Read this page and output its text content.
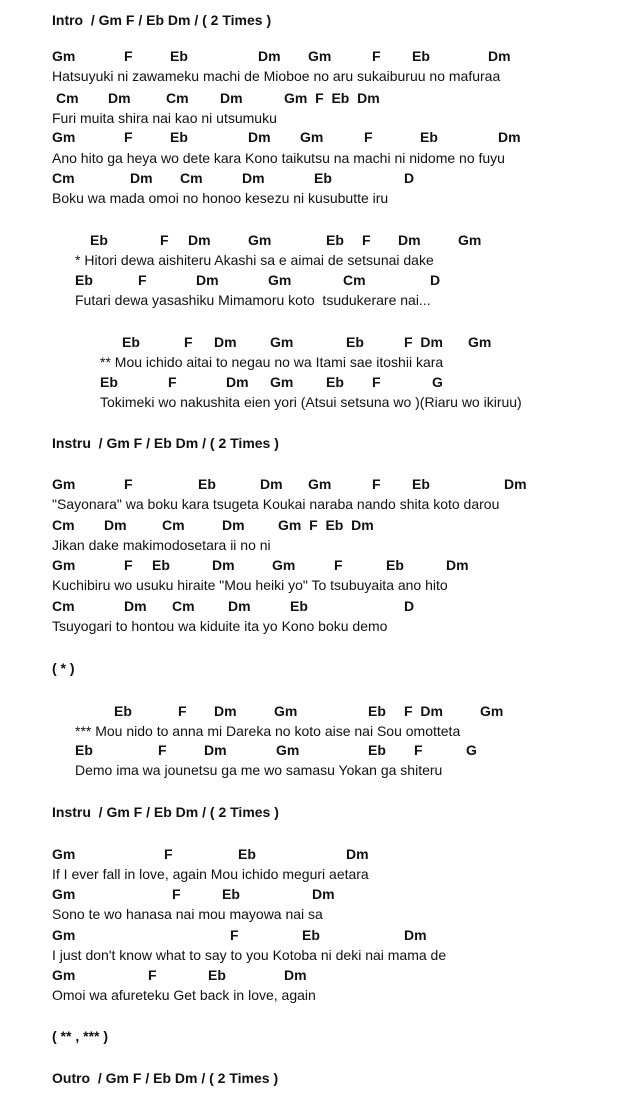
Intro  / Gm F / Eb Dm / ( 2 Times )
Gm	F	Eb	Dm Gm	F Eb	Dm
Hatsuyuki ni zawameku machi de Mioboe no aru sukaiburuu no mafuraa
Cm Dm	Cm Dm	Gm  F  Eb  Dm
Furi muita shira nai kao ni utsumuku
Gm	F	Eb	Dm Gm	F	Eb	Dm
Ano hito ga heya wo dete kara Kono taikutsu na machi ni nidome no fuyu
Cm	Dm Cm	Dm	Eb	D
Boku wa mada omoi no honoo kesezu ni kusubutte iru
Eb	F Dm	Gm	Eb F Dm	Gm
* Hitori dewa aishiteru Akashi sa e aimai de setsunai dake
Eb	F	Dm	Gm	Cm	D
Futari dewa yasashiku Mimamoru koto  tsudukerare nai...
Eb	F Dm Gm	Eb	F  Dm Gm
** Mou ichido aitai to negau no wa Itami sae itoshii kara
Eb	F	Dm Gm Eb F	G
Tokimeki wo nakushita eien yori (Atsui setsuna wo )(Riaru wo ikiruu)
Instru  / Gm F / Eb Dm / ( 2 Times )
Gm	F	Eb	Dm Gm	F Eb	Dm
"Sayonara" wa boku kara tsugeta Koukai naraba nando shita koto darou
Cm Dm	Cm	Dm Gm  F  Eb  Dm
Jikan dake makimodosetara ii no ni
Gm	F Eb	Dm	Gm	F	Eb	Dm
Kuchibiru wo usuku hiraite "Mou heiki yo" To tsubuyaita ano hito
Cm	Dm Cm Dm	Eb	D
Tsuyogari to hontou wa kiduite ita yo Kono boku demo
( * )
Eb	F Dm	Gm	Eb F  Dm	Gm
*** Mou nido to anna mi Dareka no koto aise nai Sou omotteta
Eb	F	Dm	Gm	Eb F	G
Demo ima wa jounetsu ga me wo samasu Yokan ga shiteru
Instru  / Gm F / Eb Dm / ( 2 Times )
Gm	F	Eb	Dm
If I ever fall in love, again Mou ichido meguri aetara
Gm	F	Eb	Dm
Sono te wo hanasa nai mou mayowa nai sa
Gm	F	Eb	Dm
I just don't know what to say to you Kotoba ni deki nai mama de
Gm	F	Eb	Dm
Omoi wa afureteku Get back in love, again
( ** , *** )
Outro  / Gm F / Eb Dm / ( 2 Times )
